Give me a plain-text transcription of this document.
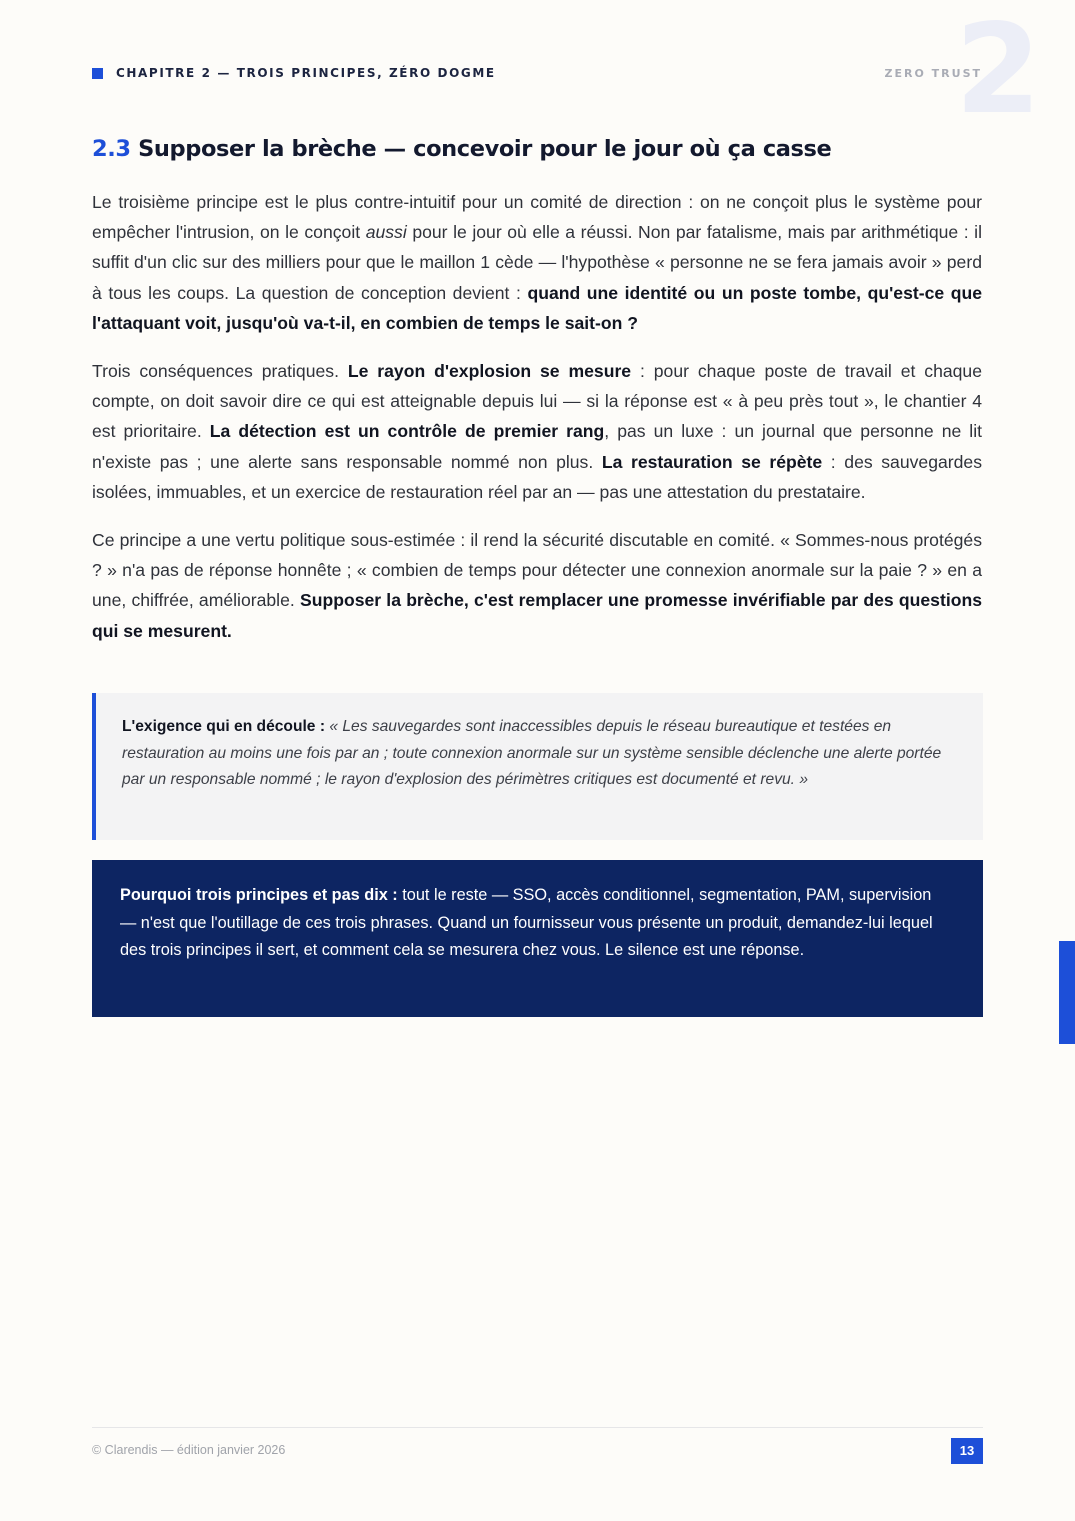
CHAPITRE 2 — TROIS PRINCIPES, ZÉRO DOGME	ZERO TRUST
2
2.3 Supposer la brèche — concevoir pour le jour où ça casse

Le troisième principe est le plus contre-intuitif pour un comité de direction : on ne conçoit plus le système pour empêcher l'intrusion, on le conçoit aussi pour le jour où elle a réussi. Non par fatalisme, mais par arithmétique : il suffit d'un clic sur des milliers pour que le maillon 1 cède — l'hypothèse « personne ne se fera jamais avoir » perd à tous les coups. La question de conception devient : quand une identité ou un poste tombe, qu'est-ce que l'attaquant voit, jusqu'où va-t-il, en combien de temps le sait-on ?

Trois conséquences pratiques. Le rayon d'explosion se mesure : pour chaque poste de travail et chaque compte, on doit savoir dire ce qui est atteignable depuis lui — si la réponse est « à peu près tout », le chantier 4 est prioritaire. La détection est un contrôle de premier rang, pas un luxe : un journal que personne ne lit n'existe pas ; une alerte sans responsable nommé non plus. La restauration se répète : des sauvegardes isolées, immuables, et un exercice de restauration réel par an — pas une attestation du prestataire.

Ce principe a une vertu politique sous-estimée : il rend la sécurité discutable en comité. « Sommes-nous protégés ? » n'a pas de réponse honnête ; « combien de temps pour détecter une connexion anormale sur la paie ? » en a une, chiffrée, améliorable. Supposer la brèche, c'est remplacer une promesse invérifiable par des questions qui se mesurent.

L'exigence qui en découle : « Les sauvegardes sont inaccessibles depuis le réseau bureautique et testées en restauration au moins une fois par an ; toute connexion anormale sur un système sensible déclenche une alerte portée par un responsable nommé ; le rayon d'explosion des périmètres critiques est documenté et revu. »
Pourquoi trois principes et pas dix : tout le reste — SSO, accès conditionnel, segmentation, PAM, supervision — n'est que l'outillage de ces trois phrases. Quand un fournisseur vous présente un produit, demandez-lui lequel des trois principes il sert, et comment cela se mesurera chez vous. Le silence est une réponse.
© Clarendis — édition janvier 2026	13
